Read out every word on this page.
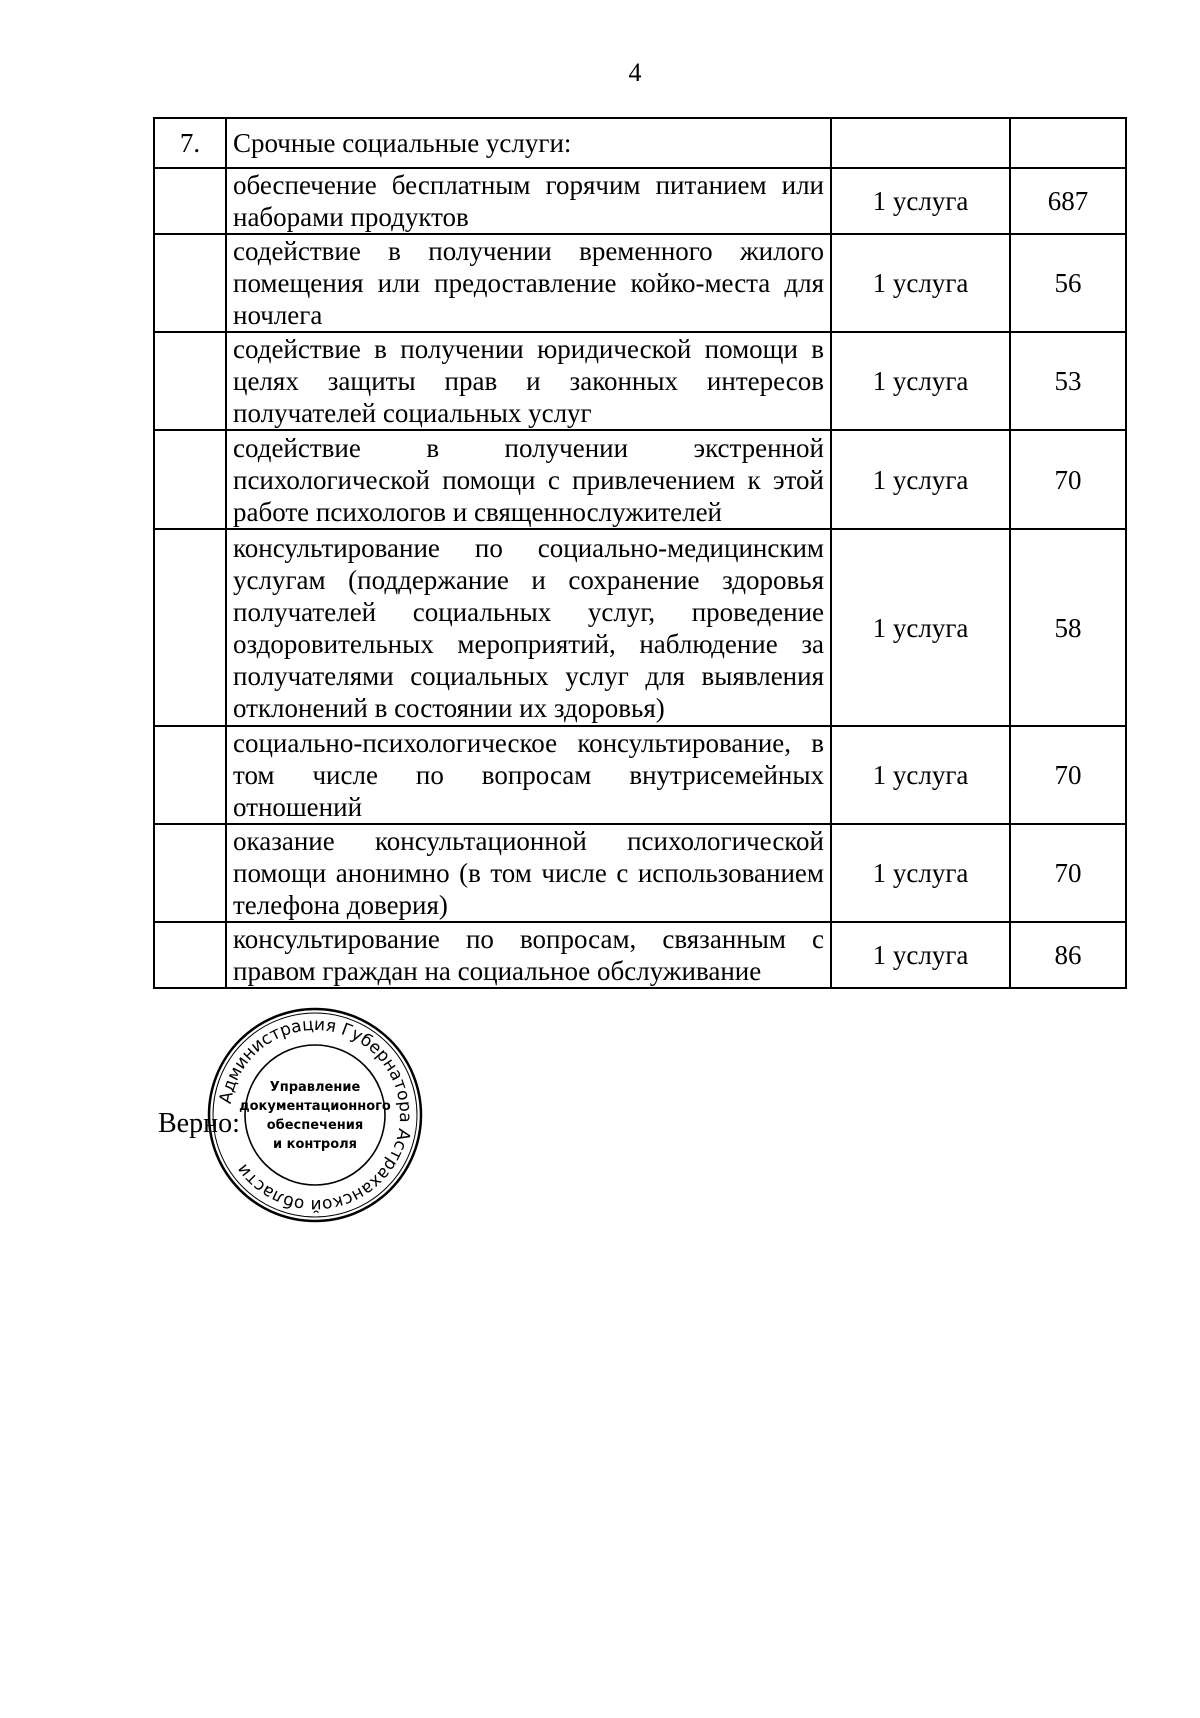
4
7.	Срочные социальные услуги:		
	обеспечение бесплатным горячим питанием или наборами продуктов	1 услуга	687
	содействие в получении временного жилого помещения или предоставление койко-места для ночлега	1 услуга	56
	содействие в получении юридической помощи в целях защиты прав и законных интересов получателей социальных услуг	1 услуга	53
	содействие в получении экстренной психологической помощи с привлечением к этой работе психологов и священнослужителей	1 услуга	70
	консультирование по социально-медицинским услугам (поддержание и сохранение здоровья получателей социальных услуг, проведение оздоровительных мероприятий, наблюдение за получателями социальных услуг для выявления отклонений в состоянии их здоровья)	1 услуга	58
	социально-психологическое консультирование, в том числе по вопросам внутрисемейных отношений	1 услуга	70
	оказание консультационной психологической помощи анонимно (в том числе с использованием телефона доверия)	1 услуга	70
	консультирование по вопросам, связанным с правом граждан на социальное обслуживание	1 услуга	86
Верно:
Администрация Губернатора Астраханской области
Управление
документационного
обеспечения
и контроля
